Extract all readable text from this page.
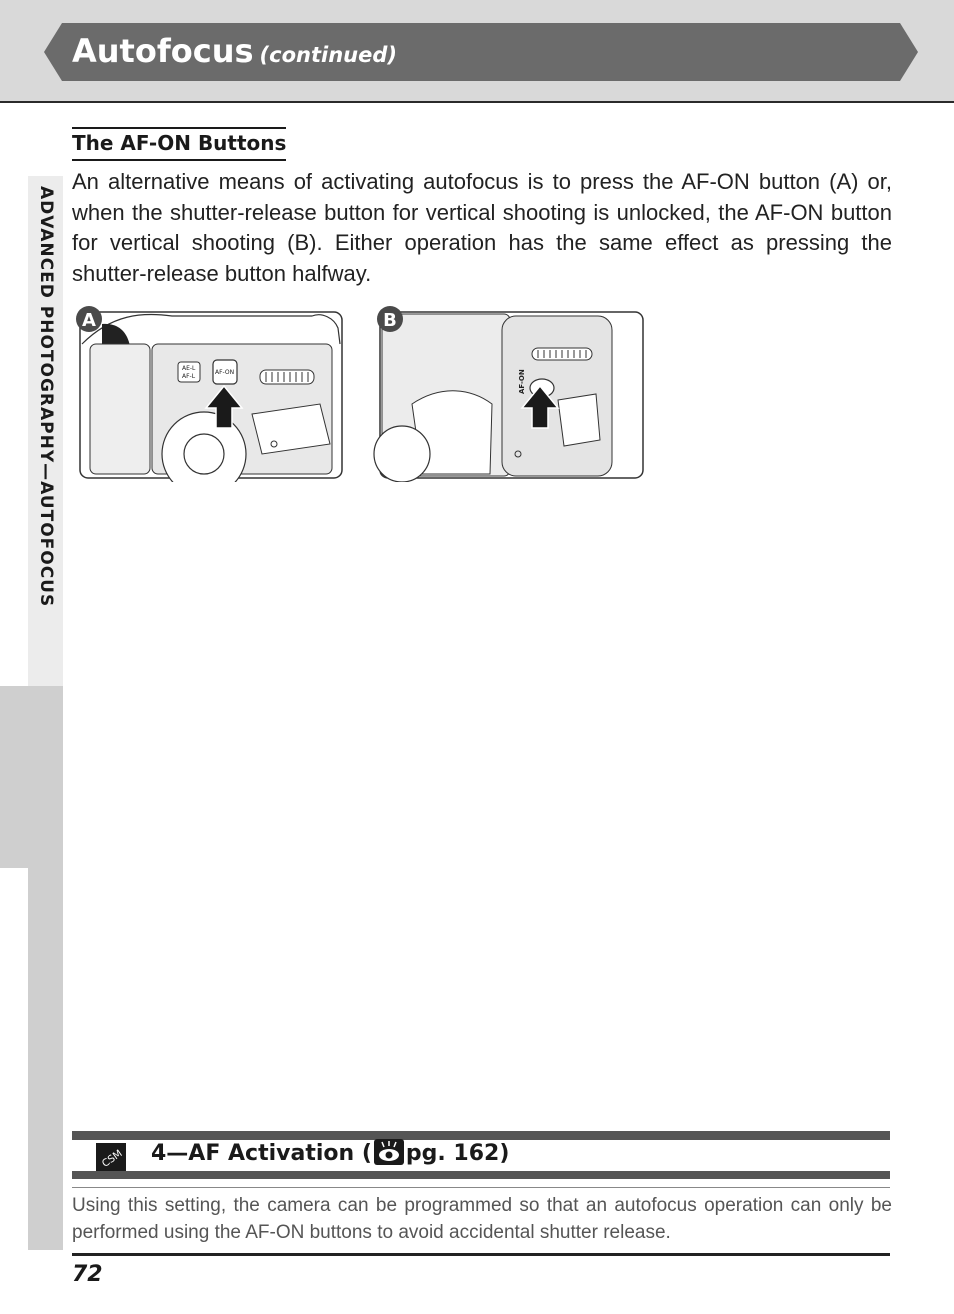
Autofocus (continued)
ADVANCED PHOTOGRAPHY—AUTOFOCUS
The AF-ON Buttons
An alternative means of activating autofocus is to press the AF-ON button (A) or, when the shutter-release button for vertical shooting is unlocked, the AF-ON button for vertical shooting (B). Either operation has the same effect as pressing the shutter-release button halfway.
AE-L
AF-L
AF-ON
A
AF-ON
B
CSM 4—AF Activation ( pg. 162)
Using this setting, the camera can be programmed so that an autofocus operation can only be performed using the AF-ON buttons to avoid accidental shutter release.
72
